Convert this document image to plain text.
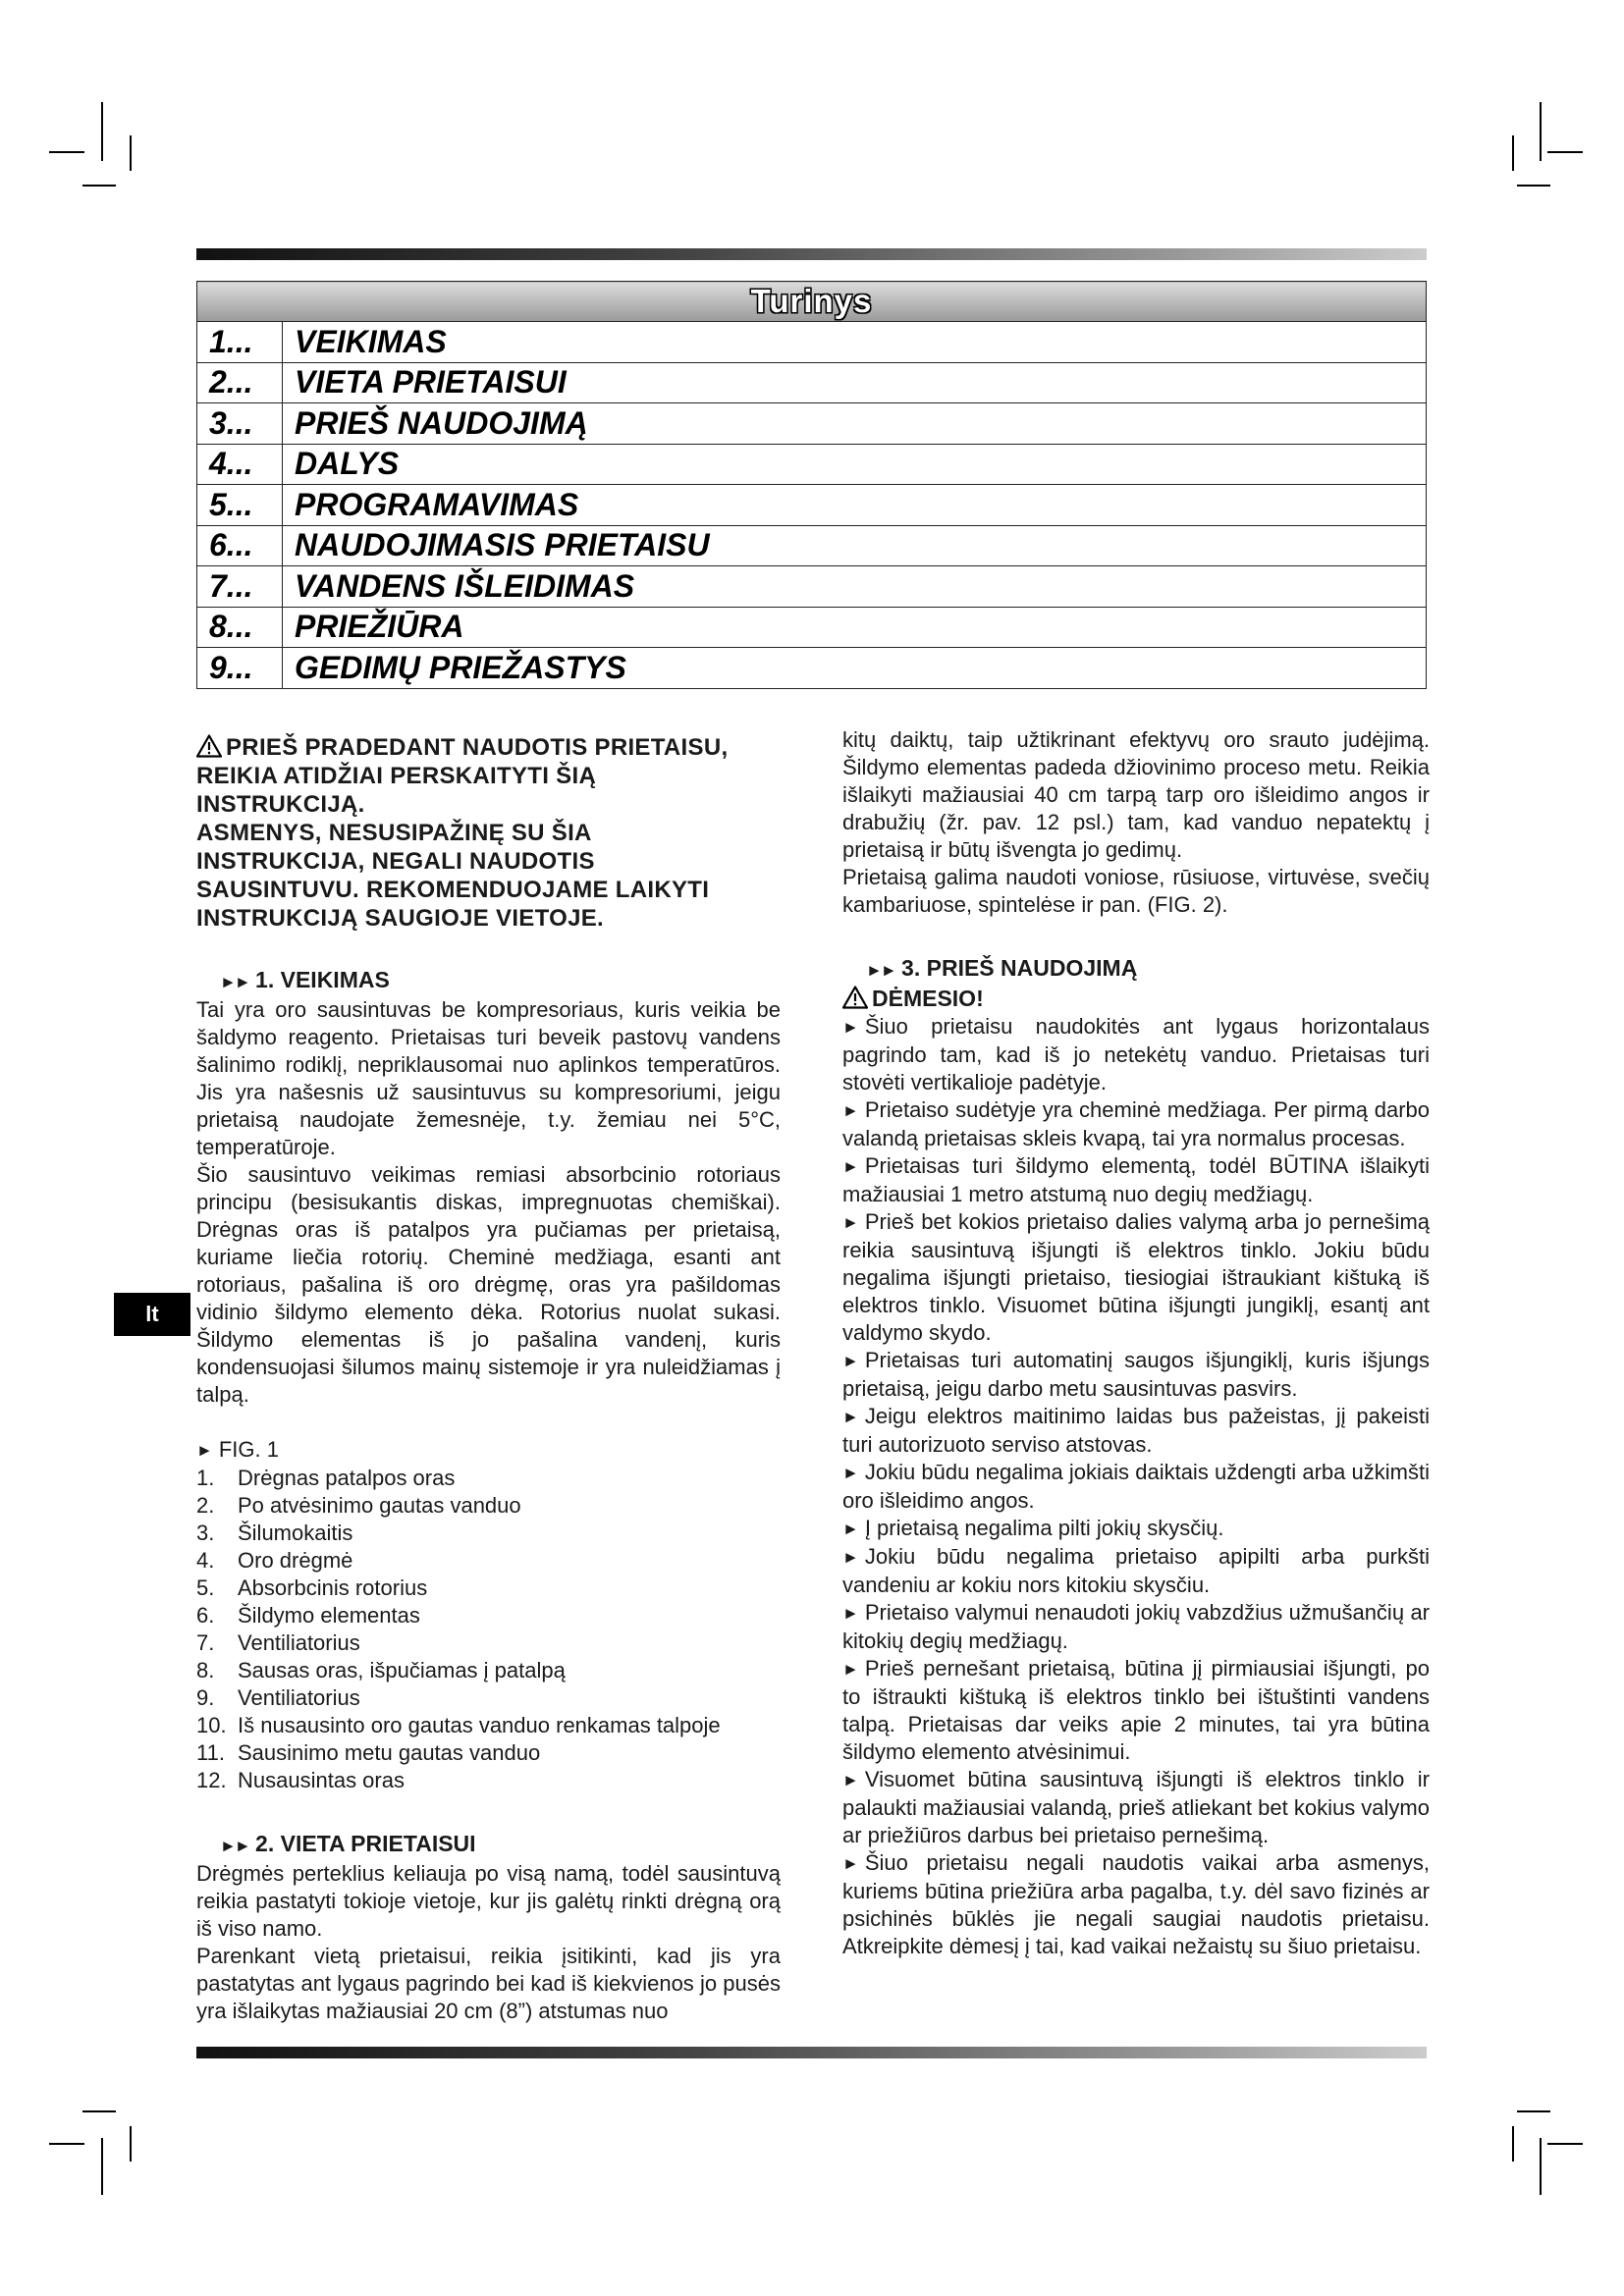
Turinys	
1...	VEIKIMAS
2...	VIETA PRIETAISUI
3...	PRIEŠ NAUDOJIMĄ
4...	DALYS
5...	PROGRAMAVIMAS
6...	NAUDOJIMASIS PRIETAISU
7...	VANDENS IŠLEIDIMAS
8...	PRIEŽIŪRA
9...	GEDIMŲ PRIEŽASTYS
lt
PRIEŠ PRADEDANT NAUDOTIS PRIETAISU,
REIKIA ATIDŽIAI PERSKAITYTI ŠIĄ
INSTRUKCIJĄ.
ASMENYS, NESUSIPAŽINĘ SU ŠIA
INSTRUKCIJA, NEGALI NAUDOTIS
SAUSINTUVU. REKOMENDUOJAME LAIKYTI
INSTRUKCIJĄ SAUGIOJE VIETOJE.
►► 1. VEIKIMAS

Tai yra oro sausintuvas be kompresoriaus, kuris veikia be šaldymo reagento. Prietaisas turi beveik pastovų vandens šalinimo rodiklį, nepriklausomai nuo aplinkos temperatūros. Jis yra našesnis už sausintuvus su kompresoriumi, jeigu prietaisą naudojate žemesnėje, t.y. žemiau nei 5°C, temperatūroje.

Šio sausintuvo veikimas remiasi absorbcinio rotoriaus principu (besisukantis diskas, impregnuotas chemiškai). Drėgnas oras iš patalpos yra pučiamas per prietaisą, kuriame liečia rotorių. Cheminė medžiaga, esanti ant rotoriaus, pašalina iš oro drėgmę, oras yra pašildomas vidinio šildymo elemento dėka. Rotorius nuolat sukasi. Šildymo elementas iš jo pašalina vandenį, kuris kondensuojasi šilumos mainų sistemoje ir yra nuleidžiamas į talpą.

► FIG. 1
1.	Drėgnas patalpos oras
2.	Po atvėsinimo gautas vanduo
3.	Šilumokaitis
4.	Oro drėgmė
5.	Absorbcinis rotorius
6.	Šildymo elementas
7.	Ventiliatorius
8.	Sausas oras, išpučiamas į patalpą
9.	Ventiliatorius
10. Iš nusausinto oro gautas vanduo renkamas talpoje
11. Sausinimo metu gautas vanduo
12. Nusausintas oras
►► 2. VIETA PRIETAISUI

Drėgmės perteklius keliauja po visą namą, todėl sausintuvą reikia pastatyti tokioje vietoje, kur jis galėtų rinkti drėgną orą iš viso namo.

Parenkant vietą prietaisui, reikia įsitikinti, kad jis yra pastatytas ant lygaus pagrindo bei kad iš kiekvienos jo pusės yra išlaikytas mažiausiai 20 cm (8”) atstumas nuo

kitų daiktų, taip užtikrinant efektyvų oro srauto judėjimą. Šildymo elementas padeda džiovinimo proceso metu. Reikia išlaikyti mažiausiai 40 cm tarpą tarp oro išleidimo angos ir drabužių (žr. pav. 12 psl.) tam, kad vanduo nepatektų į prietaisą ir būtų išvengta jo gedimų.

Prietaisą galima naudoti voniose, rūsiuose, virtuvėse, svečių kambariuose, spintelėse ir pan. (FIG. 2).

►► 3. PRIEŠ NAUDOJIMĄ
DĖMESIO!

► Šiuo prietaisu naudokitės ant lygaus horizontalaus pagrindo tam, kad iš jo netekėtų vanduo. Prietaisas turi stovėti vertikalioje padėtyje.

► Prietaiso sudėtyje yra cheminė medžiaga. Per pirmą darbo valandą prietaisas skleis kvapą, tai yra normalus procesas.

► Prietaisas turi šildymo elementą, todėl BŪTINA išlaikyti mažiausiai 1 metro atstumą nuo degių medžiagų.

► Prieš bet kokios prietaiso dalies valymą arba jo pernešimą reikia sausintuvą išjungti iš elektros tinklo. Jokiu būdu negalima išjungti prietaiso, tiesiogiai ištraukiant kištuką iš elektros tinklo. Visuomet būtina išjungti jungiklį, esantį ant valdymo skydo.

► Prietaisas turi automatinį saugos išjungiklį, kuris išjungs prietaisą, jeigu darbo metu sausintuvas pasvirs.

► Jeigu elektros maitinimo laidas bus pažeistas, jį pakeisti turi autorizuoto serviso atstovas.

► Jokiu būdu negalima jokiais daiktais uždengti arba užkimšti oro išleidimo angos.

► Į prietaisą negalima pilti jokių skysčių.

► Jokiu būdu negalima prietaiso apipilti arba purkšti vandeniu ar kokiu nors kitokiu skysčiu.

► Prietaiso valymui nenaudoti jokių vabzdžius užmušančių ar kitokių degių medžiagų.

► Prieš pernešant prietaisą, būtina jį pirmiausiai išjungti, po to ištraukti kištuką iš elektros tinklo bei ištuštinti vandens talpą. Prietaisas dar veiks apie 2 minutes, tai yra būtina šildymo elemento atvėsinimui.

► Visuomet būtina sausintuvą išjungti iš elektros tinklo ir palaukti mažiausiai valandą, prieš atliekant bet kokius valymo ar priežiūros darbus bei prietaiso pernešimą.

► Šiuo prietaisu negali naudotis vaikai arba asmenys, kuriems būtina priežiūra arba pagalba, t.y. dėl savo fizinės ar psichinės būklės jie negali saugiai naudotis prietaisu. Atkreipkite dėmesį į tai, kad vaikai nežaistų su šiuo prietaisu.
